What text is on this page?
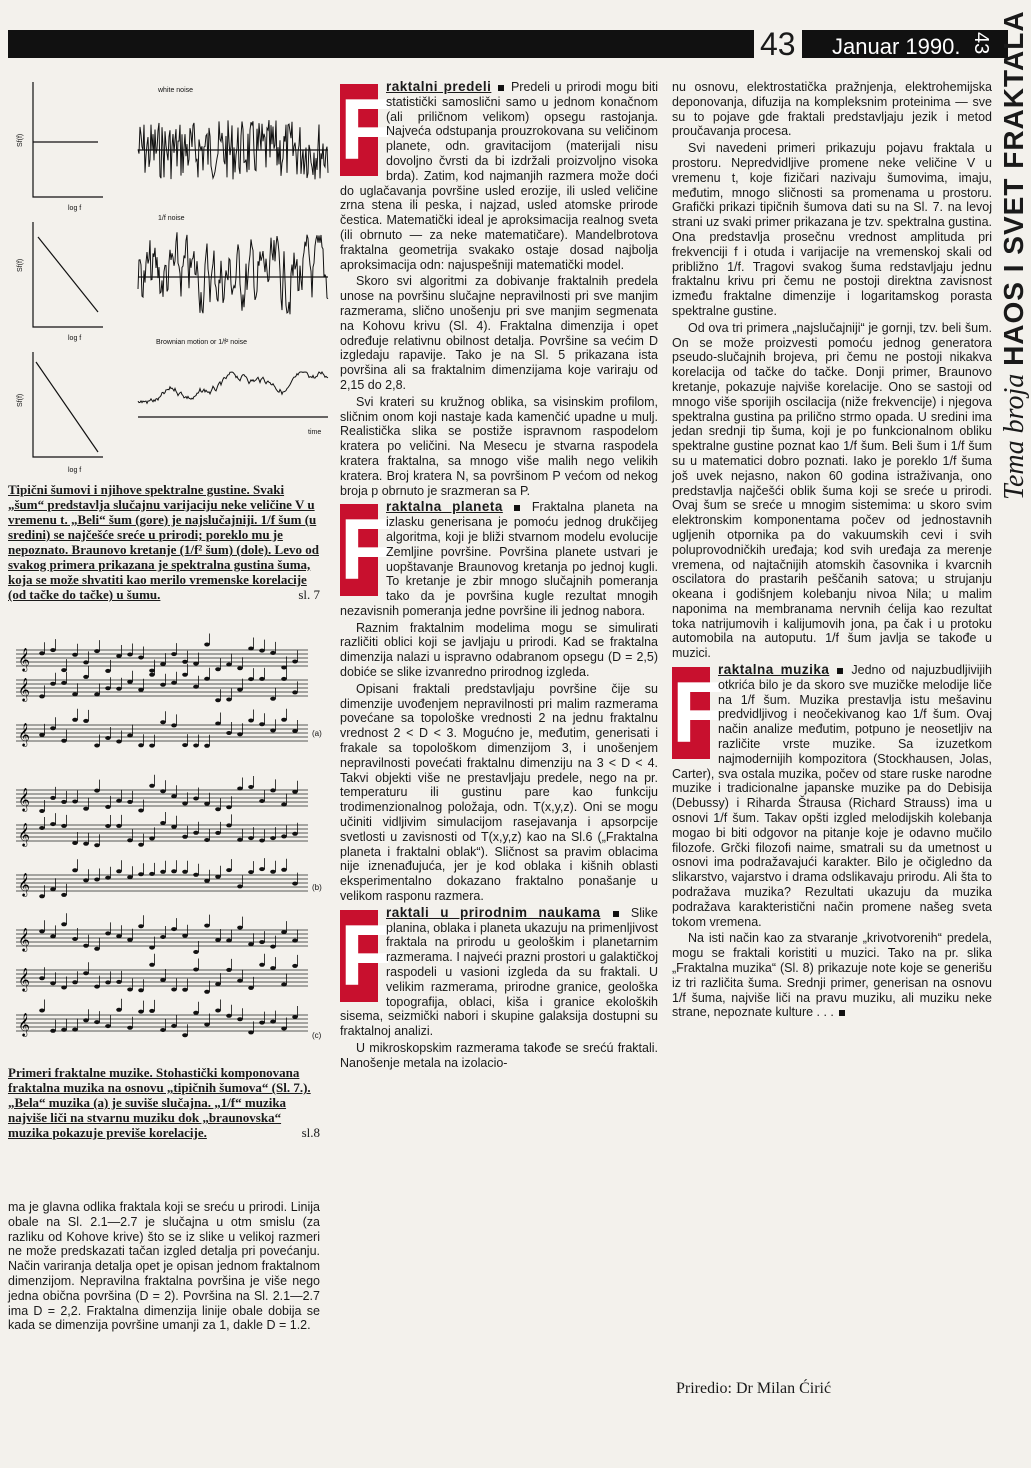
43 Januar 1990. 43
Tema broja HAOS I SVET FRAKTALA
Sf(f)
Sf(f)
Sf(f)
log f
log f
log f
white noise
1/f noise
Brownian motion or 1/f² noise
time
Tipični šumovi i njihove spektralne gustine. Svaki „šum“ predstavlja slučajnu varijaciju neke veličine V u vremenu t. „Beli“ šum (gore) je najslučajniji. 1/f šum (u sredini) se najčešće sreće u prirodi; poreklo mu je nepoznato. Braunovo kretanje (1/f² šum) (dole). Levo od svakog primera prikazana je spektralna gustina šuma, koja se može shvatiti kao merilo vremenske korelacije (od tačke do tačke) u šumu.	sl. 7
(a)
(b)
(c)
𝄞
𝄞
𝄞
𝄞
𝄞
𝄞
𝄞
𝄞
𝄞
Primeri fraktalne muzike. Stohastički komponovana fraktalna muzika na osnovu „tipičnih šumova“ (Sl. 7.). „Bela“ muzika (a) je suviše slučajna. „1/f“ muzika najviše liči na stvarnu muziku dok „braunovska“ muzika pokazuje previše korelacije.	sl.8

ma je glavna odlika fraktala koji se sreću u prirodi. Linija obale na Sl. 2.1—2.7 je slučajna u otm smislu (za razliku od Kohove krive) što se iz slike u velikoj razmeri ne može predskazati tačan izgled detalja pri povećanju. Način variranja detalja opet je opisan jednom fraktalnom dimenzijom. Nepravilna fraktalna površina je više nego jedna obična površina (D = 2). Površina na Sl. 2.1—2.7 ima D = 2,2. Fraktalna dimenzija linije obale dobija se kada se dimenzija površine umanji za 1, dakle D = 1.2.

F
raktalni predeli Predeli u prirodi mogu biti statistički samoslični samo u jednom konačnom (ali priličnom velikom) opsegu rastojanja. Najveća odstupanja prouzrokovana su veličinom planete, odn. gravitacijom (materijali nisu dovoljno čvrsti da bi izdržali proizvoljno visoka brda). Zatim, kod najmanjih razmera može doći do uglačavanja površine usled erozije, ili usled veličine zrna stena ili peska, i najzad, usled atomske prirode čestica. Matematički ideal je aproksimacija realnog sveta (ili obrnuto — za neke matematičare). Mandelbrotova fraktalna geometrija svakako ostaje dosad najbolja aproksimacija odn: najuspešniji matematički model.

Skoro svi algoritmi za dobivanje fraktalnih predela unose na površinu slučajne nepravilnosti pri sve manjim razmerama, slično unošenju pri sve manjim segmenata na Kohovu krivu (Sl. 4). Fraktalna dimenzija i opet određuje relativnu obilnost detalja. Površine sa većim D izgledaju rapavije. Tako je na Sl. 5 prikazana ista površina ali sa fraktalnim dimenzijama koje variraju od 2,15 do 2,8.

Svi krateri su kružnog oblika, sa visinskim profilom, sličnim onom koji nastaje kada kamenčić upadne u mulj. Realistička slika se postiže ispravnom raspodelom kratera po veličini. Na Mesecu je stvarna raspodela kratera fraktalna, sa mnogo više malih nego velikih kratera. Broj kratera N, sa površinom P većom od nekog broja p obrnuto je srazmeran sa P.

F
raktalna planeta Fraktalna planeta na izlasku generisana je pomoću jednog drukčijeg algoritma, koji je bliži stvarnom modelu evolucije Zemljine površine. Površina planete ustvari je uopštavanje Braunovog kretanja po jednoj kugli. To kretanje je zbir mnogo slučajnih pomeranja tako da je površina kugle rezultat mnogih nezavisnih pomeranja jedne površine ili jednog nabora.

Raznim fraktalnim modelima mogu se simulirati različiti oblici koji se javljaju u prirodi. Kad se fraktalna dimenzija nalazi u ispravno odabranom opsegu (D = 2,5) dobiće se slike izvanredno prirodnog izgleda.

Opisani fraktali predstavljaju površine čije su dimenzije uvođenjem nepravilnosti pri malim razmerama povećane sa topološke vrednosti 2 na jednu fraktalnu vrednost 2 < D < 3. Mogućno je, međutim, generisati i frakale sa topološkom dimenzijom 3, i unošenjem nepravilnosti povećati fraktalnu dimenziju na 3 < D < 4. Takvi objekti više ne prestavljaju predele, nego na pr. temperaturu ili gustinu pare kao funkciju trodimenzionalnog položaja, odn. T(x,y,z). Oni se mogu učiniti vidljivim simulacijom rasejavanja i apsorpcije svetlosti u zavisnosti od T(x,y,z) kao na Sl.6 („Fraktalna planeta i fraktalni oblak“). Sličnost sa pravim oblacima nije iznenađujuća, jer je kod oblaka i kišnih oblasti eksperimentalno dokazano fraktalno ponašanje u velikom rasponu razmera.

F
raktali u prirodnim naukama Slike planina, oblaka i planeta ukazuju na primenljivost fraktala na prirodu u geološkim i planetarnim razmerama. I najveći prazni prostori u galaktičkoj raspodeli u vasioni izgleda da su fraktali. U velikim razmerama, prirodne granice, geološka topografija, oblaci, kiša i granice ekoloških sisema, seizmički nabori i skupine galaksija dostupni su fraktalnoj analizi.

U mikroskopskim razmerama takođe se srećú fraktali. Nanošenje metala na izolacio-

nu osnovu, elektrostatička pražnjenja, elektrohemijska deponovanja, difuzija na kompleksnim proteinima — sve su to pojave gde fraktali predstavljaju jezik i metod proučavanja procesa.

Svi navedeni primeri prikazuju pojavu fraktala u prostoru. Nepredvidljive promene neke veličine V u vremenu t, koje fizičari nazivaju šumovima, imaju, međutim, mnogo sličnosti sa promenama u prostoru. Grafički prikazi tipičnih šumova dati su na Sl. 7. na levoj strani uz svaki primer prikazana je tzv. spektralna gustina. Ona predstavlja prosečnu vrednost amplituda pri frekvenciji f i otuda i varijacije na vremenskoj skali od približno 1/f. Tragovi svakog šuma redstavljaju jednu fraktalnu krivu pri čemu ne postoji direktna zavisnost između fraktalne dimenzije i logaritamskog porasta spektralne gustine.

Od ova tri primera „najslučajniji“ je gornji, tzv. beli šum. On se može proizvesti pomoću jednog generatora pseudo-slučajnih brojeva, pri čemu ne postoji nikakva korelacija od tačke do tačke. Donji primer, Braunovo kretanje, pokazuje najviše korelacije. Ono se sastoji od mnogo više sporijih oscilacija (niže frekvencije) i njegova spektralna gustina pa prilično strmo opada. U sredini ima jedan srednji tip šuma, koji je po funkcionalnom obliku spektralne gustine poznat kao 1/f šum. Beli šum i 1/f šum su u matematici dobro poznati. Iako je poreklo 1/f šuma još uvek nejasno, nakon 60 godina istraživanja, ono predstavlja najčešći oblik šuma koji se sreće u prirodi. Ovaj šum se sreće u mnogim sistemima: u skoro svim elektronskim komponentama počev od jednostavnih uglјenih otpornika pa do vakuumskih cevi i svih poluprovodničkih uređaja; kod svih uređaja za merenje vremena, od najtačnijih atomskih časovnika i kvarcnih oscilatora do prastarih peščanih satova; u strujanju okeana i godišnjem kolebanju nivoa Nila; u malim naponima na membranama nervnih ćelija kao rezultat toka natrijumovih i kalijumovih jona, pa čak i u protoku automobila na autoputu. 1/f šum javlja se takođe u muzici.

F
raktalna muzika Jedno od najuzbudljivijih otkrića bilo je da skoro sve muzičke melodije liče na 1/f šum. Muzika prestavlja istu mešavinu predvidljivog i neočekivanog kao 1/f šum. Ovaj način analize međutim, potpuno je neosetljiv na različite vrste muzike. Sa izuzetkom najmodernijih kompozitora (Stockhausen, Jolas, Carter), sva ostala muzika, počev od stare ruske narodne muzike i tradicionalne japanske muzike pa do Debisija (Debussy) i Riharda Štrausa (Richard Strauss) ima u osnovi 1/f šum. Takav opšti izgled melodijskih kolebanja mogao bi biti odgovor na pitanje koje je odavno mučilo filozofe. Grčki filozofi naime, smatrali su da umetnost u osnovi ima podražavajući karakter. Bilo je očigledno da slikarstvo, vajarstvo i drama odslikavaju prirodu. Ali šta to podražava muzika? Rezultati ukazuju da muzika podražava karakteristični način promene našeg sveta tokom vremena.

Na isti način kao za stvaranje „krivotvorenih“ predela, mogu se fraktali koristiti u muzici. Tako na pr. slika „Fraktalna muzika“ (Sl. 8) prikazuje note koje se generišu iz tri različita šuma. Srednji primer, generisan na osnovu 1/f šuma, najviše liči na pravu muziku, ali muziku neke strane, nepoznate kulture . . .

Priredio: Dr Milan Ćirić
